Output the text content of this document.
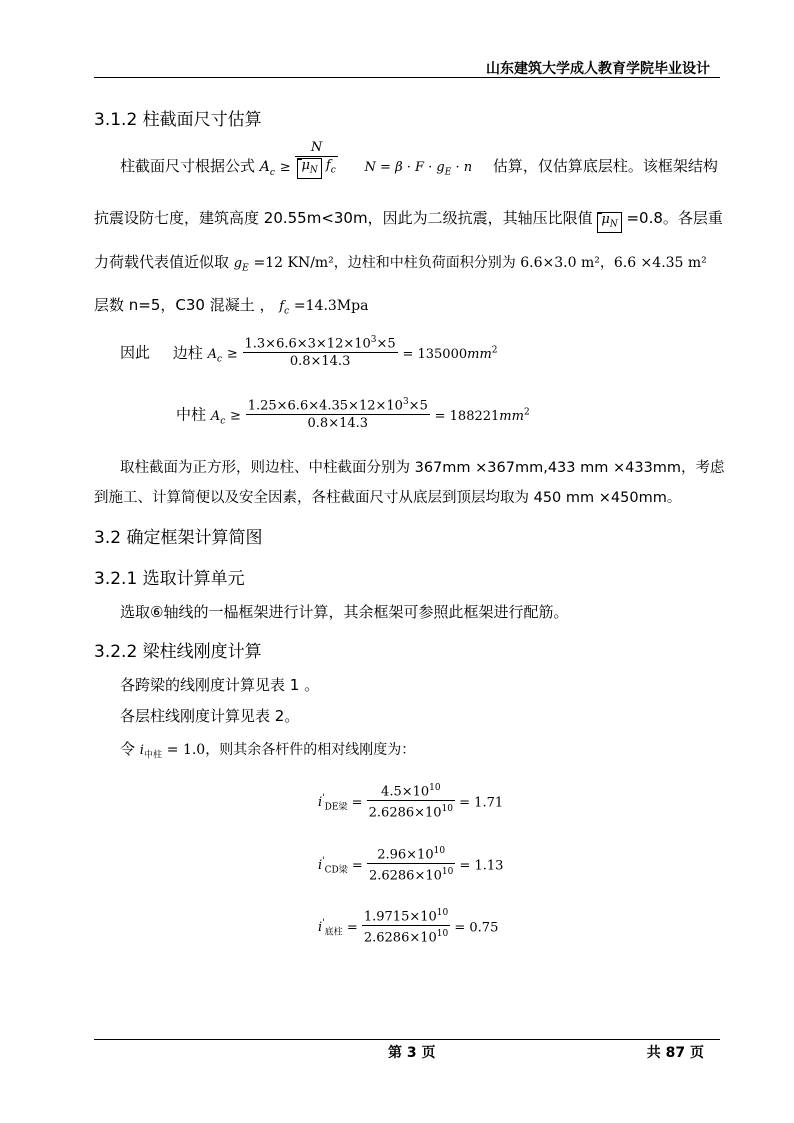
山东建筑大学成人教育学院毕业设计
3.1.2 柱截面尺寸估算
柱截面尺寸根据公式 $A_c \ge \frac{N}{\mu_N f_c}$ $N = \beta \cdot F \cdot g_E \cdot n$ 估算，仅估算底层柱。该框架结构
抗震设防七度，建筑高度 20.55m<30m，因此为二级抗震，其轴压比限值 $\mu_N =0.8$。各层重
力荷载代表值近似取 $g_E =12$ KN/m²，边柱和中柱负荷面积分别为 6.6×3.0 m²，6.6 ×4.35 m²
层数 n=5，C30 混凝土 ， $f_c =14.3Mpa$
因此 边柱 $A_c \ge \frac{1.3\times 6.6\times 3\times 12\times 10^3\times 5}{0.8\times 14.3} = 135000mm^2$
中柱 $A_c \ge \frac{1.25\times 6.6\times 4.35\times 12\times 10^3\times 5}{0.8\times 14.3} = 188221mm^2$
取柱截面为正方形，则边柱、中柱截面分别为 367mm ×367mm,433 mm ×433mm，考虑
到施工、计算简便以及安全因素，各柱截面尺寸从底层到顶层均取为 450 mm ×450mm。
3.2 确定框架计算简图
3.2.1 选取计算单元
选取⑥轴线的一榀框架进行计算，其余框架可参照此框架进行配筋。
3.2.2 梁柱线刚度计算
各跨梁的线刚度计算见表 1 。
各层柱线刚度计算见表 2。
令 $i_{中柱} = 1.0$，则其余各杆件的相对线刚度为：
$i'_{DE梁} = \frac{4.5\times 10^{10}}{2.6286\times 10^{10}} = 1.71$
$i'_{CD梁} = \frac{2.96\times 10^{10}}{2.6286\times 10^{10}} = 1.13$
$i'_{底柱} = \frac{1.9715\times 10^{10}}{2.6286\times 10^{10}} = 0.75$
第 3 页	共 87 页
